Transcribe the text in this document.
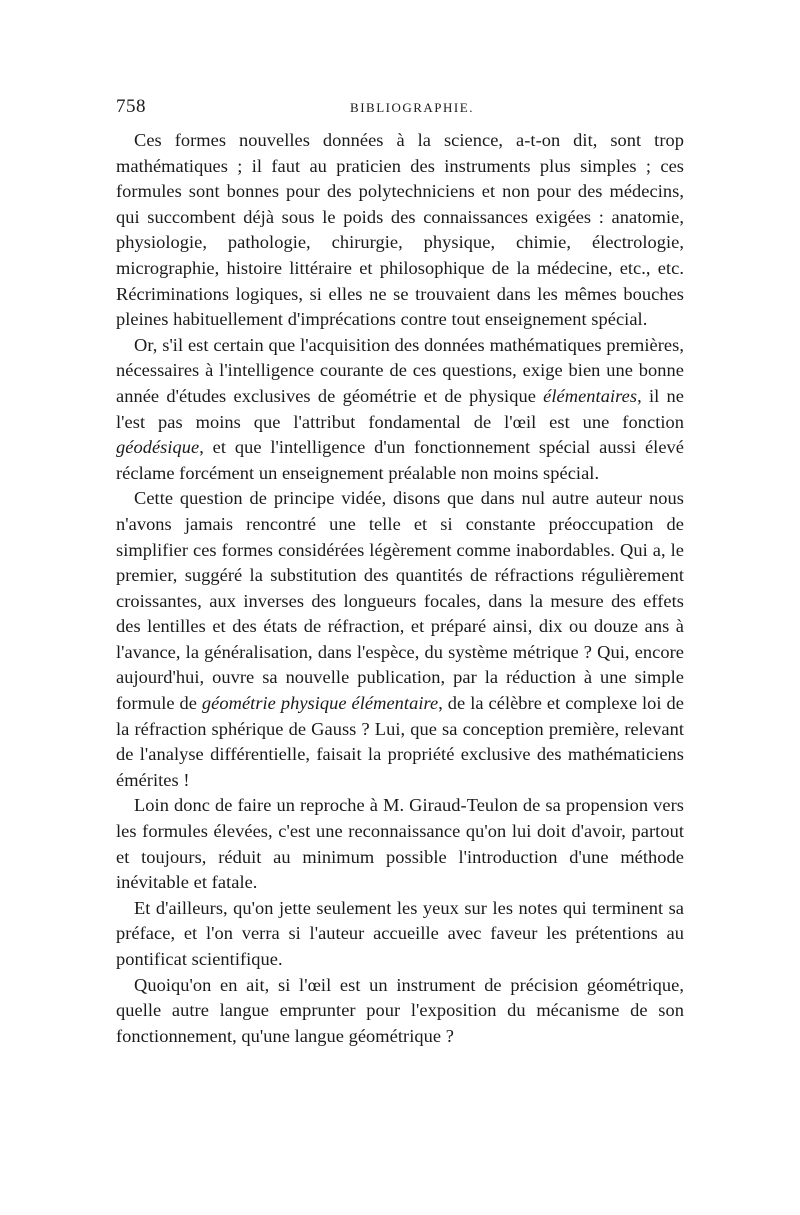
758	BIBLIOGRAPHIE.

Ces formes nouvelles données à la science, a-t-on dit, sont trop mathématiques ; il faut au praticien des instruments plus simples ; ces formules sont bonnes pour des polytechniciens et non pour des médecins, qui succombent déjà sous le poids des connaissances exigées : anatomie, physiologie, pathologie, chirurgie, physique, chimie, électrologie, micrographie, histoire littéraire et philosophique de la médecine, etc., etc. Récriminations logiques, si elles ne se trouvaient dans les mêmes bouches pleines habituellement d'imprécations contre tout enseignement spécial.

Or, s'il est certain que l'acquisition des données mathématiques premières, nécessaires à l'intelligence courante de ces questions, exige bien une bonne année d'études exclusives de géométrie et de physique élémentaires, il ne l'est pas moins que l'attribut fondamental de l'œil est une fonction géodésique, et que l'intelligence d'un fonctionnement spécial aussi élevé réclame forcément un enseignement préalable non moins spécial.

Cette question de principe vidée, disons que dans nul autre auteur nous n'avons jamais rencontré une telle et si constante préoccupation de simplifier ces formes considérées légèrement comme inabordables. Qui a, le premier, suggéré la substitution des quantités de réfractions régulièrement croissantes, aux inverses des longueurs focales, dans la mesure des effets des lentilles et des états de réfraction, et préparé ainsi, dix ou douze ans à l'avance, la généralisation, dans l'espèce, du système métrique ? Qui, encore aujourd'hui, ouvre sa nouvelle publication, par la réduction à une simple formule de géométrie physique élémentaire, de la célèbre et complexe loi de la réfraction sphérique de Gauss ? Lui, que sa conception première, relevant de l'analyse différentielle, faisait la propriété exclusive des mathématiciens émérites !

Loin donc de faire un reproche à M. Giraud-Teulon de sa propension vers les formules élevées, c'est une reconnaissance qu'on lui doit d'avoir, partout et toujours, réduit au minimum possible l'introduction d'une méthode inévitable et fatale.

Et d'ailleurs, qu'on jette seulement les yeux sur les notes qui terminent sa préface, et l'on verra si l'auteur accueille avec faveur les prétentions au pontificat scientifique.

Quoiqu'on en ait, si l'œil est un instrument de précision géométrique, quelle autre langue emprunter pour l'exposition du mécanisme de son fonctionnement, qu'une langue géométrique ?
